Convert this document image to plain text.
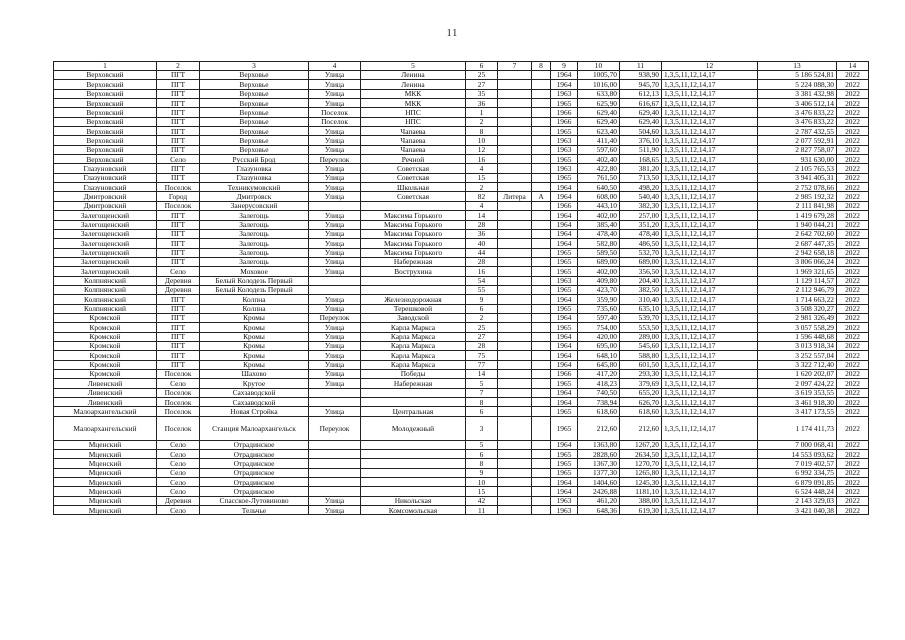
11
1	2	3	4	5	6	7	8	9	10	11	12	13	14
Верховский	ПГТ	Верховье	Улица	Ленина	25			1964	1005,70	938,90	1,3,5,11,12,14,17	5 186 524,81	2022
Верховский	ПГТ	Верховье	Улица	Ленина	27			1964	1016,00	945,70	1,3,5,11,12,14,17	5 224 088,30	2022
Верховский	ПГТ	Верховье	Улица	МКК	35			1963	633,80	612,13	1,3,5,11,12,14,17	3 381 432,98	2022
Верховский	ПГТ	Верховье	Улица	МКК	36			1965	625,90	616,67	1,3,5,11,12,14,17	3 406 512,14	2022
Верховский	ПГТ	Верховье	Поселок	НПС	1			1966	629,40	629,40	1,3,5,11,12,14,17	3 476 833,22	2022
Верховский	ПГТ	Верховье	Поселок	НПС	2			1966	629,40	629,40	1,3,5,11,12,14,17	3 476 833,22	2022
Верховский	ПГТ	Верховье	Улица	Чапаева	8			1965	623,40	504,60	1,3,5,11,12,14,17	2 787 432,55	2022
Верховский	ПГТ	Верховье	Улица	Чапаева	10			1963	411,40	376,10	1,3,5,11,12,14,17	2 077 592,91	2022
Верховский	ПГТ	Верховье	Улица	Чапаева	12			1963	597,60	511,90	1,3,5,11,12,14,17	2 827 758,07	2022
Верховский	Село	Русский Брод	Переулок	Речной	16			1965	402,40	168,65	1,3,5,11,12,14,17	931 630,00	2022
Глазуновский	ПГТ	Глазуновка	Улица	Советская	4			1963	422,80	381,20	1,3,5,11,12,14,17	2 105 765,53	2022
Глазуновский	ПГТ	Глазуновка	Улица	Советская	15			1965	761,50	713,50	1,3,5,11,12,14,17	3 941 405,31	2022
Глазуновский	Поселок	Техникумовский	Улица	Школьная	2			1964	640,50	498,20	1,3,5,11,12,14,17	2 752 078,66	2022
Дмитровский	Город	Дмитровск	Улица	Советская	82	Литера	А	1964	608,00	540,40	1,3,5,11,12,14,17	2 985 192,32	2022
Дмитровский	Поселок	Занерусовский			4			1966	443,10	382,30	1,3,5,11,12,14,17	2 111 841,98	2022
Залегощенский	ПГТ	Залегощь	Улица	Максима Горького	14			1964	402,00	257,00	1,3,5,11,12,14,17	1 419 679,28	2022
Залегощенский	ПГТ	Залегощь	Улица	Максима Горького	28			1964	385,40	351,20	1,3,5,11,12,14,17	1 940 044,21	2022
Залегощенский	ПГТ	Залегощь	Улица	Максима Горького	36			1964	478,40	478,40	1,3,5,11,12,14,17	2 642 702,60	2022
Залегощенский	ПГТ	Залегощь	Улица	Максима Горького	40			1964	582,80	486,50	1,3,5,11,12,14,17	2 687 447,35	2022
Залегощенский	ПГТ	Залегощь	Улица	Максима Горького	44			1965	589,50	532,70	1,3,5,11,12,14,17	2 942 658,18	2022
Залегощенский	ПГТ	Залегощь	Улица	Набережная	28			1965	689,00	689,00	1,3,5,11,12,14,17	3 806 066,24	2022
Залегощенский	Село	Моховое	Улица	Вострухина	16			1965	402,00	356,50	1,3,5,11,12,14,17	1 969 321,65	2022
Колпнянский	Деревня	Белый Колодезь Первый			54			1963	409,80	204,40	1,3,5,11,12,14,17	1 129 114,57	2022
Колпнянский	Деревня	Белый Колодезь Первый			55			1965	423,70	382,50	1,3,5,11,12,14,17	2 112 946,79	2022
Колпнянский	ПГТ	Колпна	Улица	Железнодорожная	9			1964	359,90	310,40	1,3,5,11,12,14,17	1 714 663,22	2022
Колпнянский	ПГТ	Колпна	Улица	Терешковой	6			1965	735,60	635,10	1,3,5,11,12,14,17	3 508 320,27	2022
Кромской	ПГТ	Кромы	Переулок	Заводской	2			1964	597,40	539,70	1,3,5,11,12,14,17	2 981 326,49	2022
Кромской	ПГТ	Кромы	Улица	Карла Маркса	25			1965	754,00	553,50	1,3,5,11,12,14,17	3 057 558,29	2022
Кромской	ПГТ	Кромы	Улица	Карла Маркса	27			1964	420,00	289,00	1,3,5,11,12,14,17	1 596 448,68	2022
Кромской	ПГТ	Кромы	Улица	Карла Маркса	28			1964	695,00	545,60	1,3,5,11,12,14,17	3 013 918,34	2022
Кромской	ПГТ	Кромы	Улица	Карла Маркса	75			1964	648,10	588,80	1,3,5,11,12,14,17	3 252 557,04	2022
Кромской	ПГТ	Кромы	Улица	Карла Маркса	77			1964	645,80	601,50	1,3,5,11,12,14,17	3 322 712,40	2022
Кромской	Поселок	Шахово	Улица	Победы	14			1966	417,20	293,30	1,3,5,11,12,14,17	1 620 202,07	2022
Ливенский	Село	Крутое	Улица	Набережная	5			1965	418,23	379,69	1,3,5,11,12,14,17	2 097 424,22	2022
Ливенский	Поселок	Сахзаводской			7			1964	740,50	655,20	1,3,5,11,12,14,17	3 619 353,55	2022
Ливенский	Поселок	Сахзаводской			8			1964	738,94	626,70	1,3,5,11,12,14,17	3 461 918,30	2022
Малоархангельский	Поселок	Новая Стройка	Улица	Центральная	6			1965	618,60	618,60	1,3,5,11,12,14,17	3 417 173,55	2022
Малоархангельский	Поселок	Станция Малоархангельск	Переулок	Молодежный	3			1965	212,60	212,60	1,3,5,11,12,14,17	1 174 411,73	2022
Мценский	Село	Отрадинское			5			1964	1363,80	1267,20	1,3,5,11,12,14,17	7 000 068,41	2022
Мценский	Село	Отрадинское			6			1965	2828,60	2634,50	1,3,5,11,12,14,17	14 553 093,62	2022
Мценский	Село	Отрадинское			8			1965	1367,30	1270,70	1,3,5,11,12,14,17	7 019 402,57	2022
Мценский	Село	Отрадинское			9			1965	1377,30	1265,80	1,3,5,11,12,14,17	6 992 334,75	2022
Мценский	Село	Отрадинское			10			1964	1404,60	1245,30	1,3,5,11,12,14,17	6 879 091,85	2022
Мценский	Село	Отрадинское			15			1964	2426,88	1181,10	1,3,5,11,12,14,17	6 524 448,24	2022
Мценский	Деревня	Спасское-Лутовиново	Улица	Никольская	42			1963	461,20	388,00	1,3,5,11,12,14,17	2 143 329,03	2022
Мценский	Село	Тельчье	Улица	Комсомольская	11			1963	648,36	619,30	1,3,5,11,12,14,17	3 421 040,38	2022
